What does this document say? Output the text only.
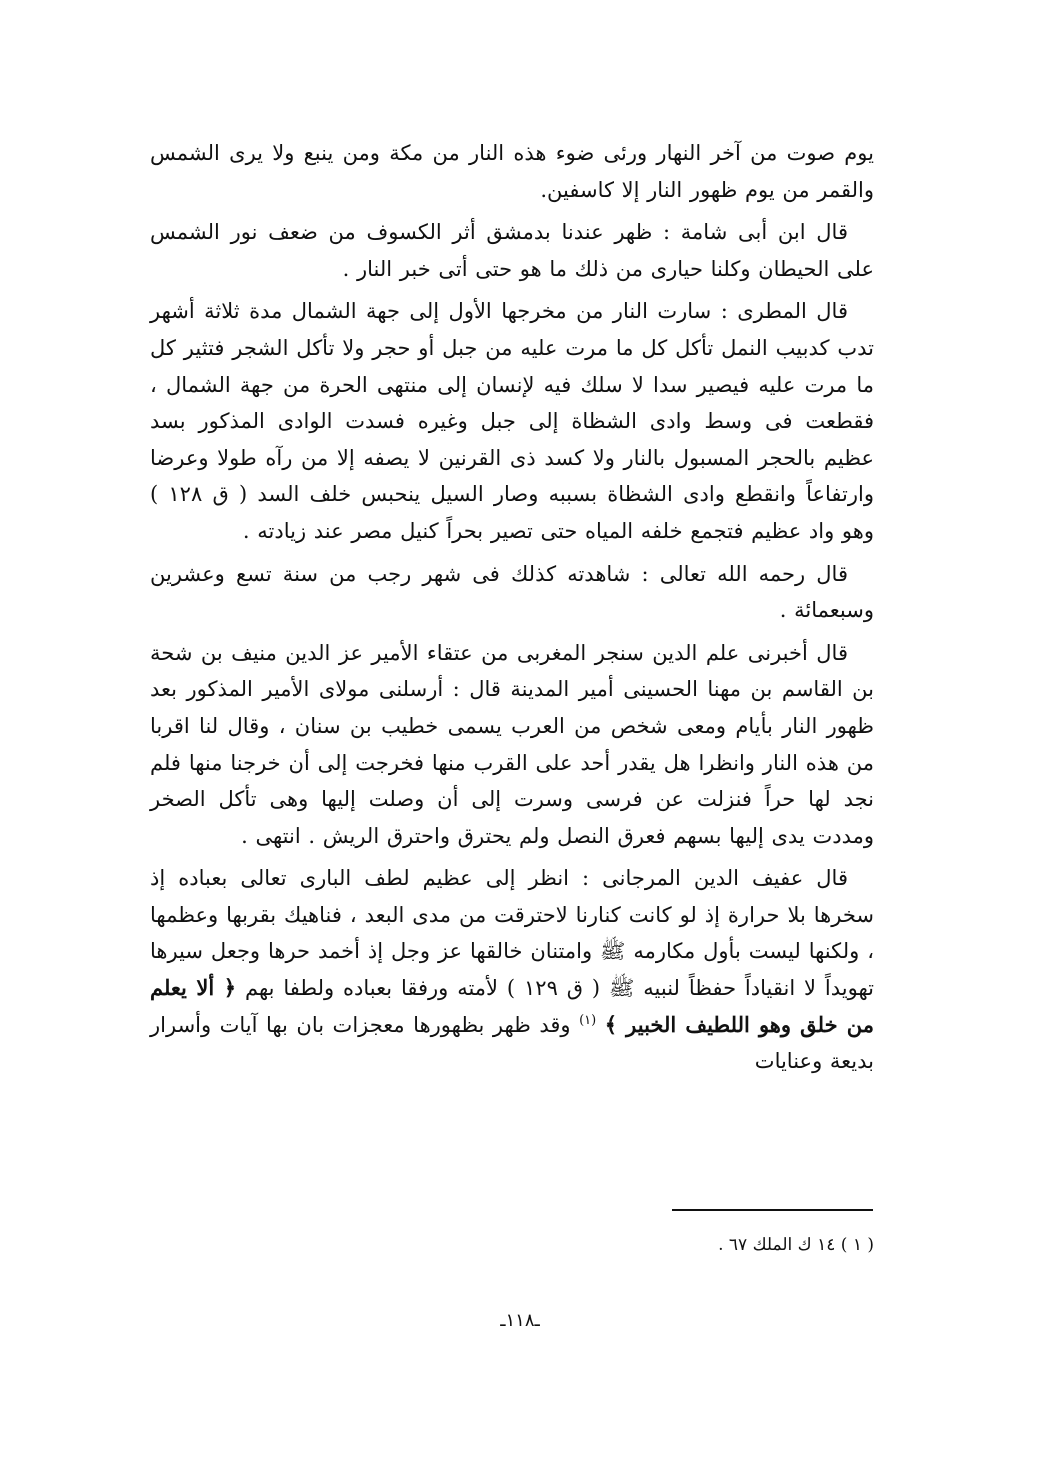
يوم صوت من آخر النهار ورئى ضوء هذه النار من مكة ومن ينبع ولا يرى الشمس والقمر من يوم ظهور النار إلا كاسفين.

قال ابن أبى شامة : ظهر عندنا بدمشق أثر الكسوف من ضعف نور الشمس على الحيطان وكلنا حيارى من ذلك ما هو حتى أتى خبر النار .

قال المطرى : سارت النار من مخرجها الأول إلى جهة الشمال مدة ثلاثة أشهر تدب كدبيب النمل تأكل كل ما مرت عليه من جبل أو حجر ولا تأكل الشجر فتثير كل ما مرت عليه فيصير سدا لا سلك فيه لإنسان إلى منتهى الحرة من جهة الشمال ، فقطعت فى وسط وادى الشظاة إلى جبل وغيره فسدت الوادى المذكور بسد عظيم بالحجر المسبول بالنار ولا كسد ذى القرنين لا يصفه إلا من رآه طولا وعرضا وارتفاعاً وانقطع وادى الشظاة بسببه وصار السيل ينحبس خلف السد ( ق ١٢٨ ) وهو واد عظيم فتجمع خلفه المياه حتى تصير بحراً كنيل مصر عند زيادته .

قال رحمه الله تعالى : شاهدته كذلك فى شهر رجب من سنة تسع وعشرين وسبعمائة .

قال أخبرنى علم الدين سنجر المغربى من عتقاء الأمير عز الدين منيف بن شحة بن القاسم بن مهنا الحسينى أمير المدينة قال : أرسلنى مولاى الأمير المذكور بعد ظهور النار بأيام ومعى شخص من العرب يسمى خطيب بن سنان ، وقال لنا اقربا من هذه النار وانظرا هل يقدر أحد على القرب منها فخرجت إلى أن خرجنا منها فلم نجد لها حراً فنزلت عن فرسى وسرت إلى أن وصلت إليها وهى تأكل الصخر ومددت يدى إليها بسهم فعرق النصل ولم يحترق واحترق الريش . انتهى .

قال عفيف الدين المرجانى : انظر إلى عظيم لطف البارى تعالى بعباده إذ سخرها بلا حرارة إذ لو كانت كنارنا لاحترقت من مدى البعد ، فناهيك بقربها وعظمها ، ولكنها ليست بأول مكارمه ﷺ وامتنان خالقها عز وجل إذ أخمد حرها وجعل سيرها تهويداً لا انقياداً حفظاً لنبيه ﷺ ( ق ١٢٩ ) لأمته ورفقا بعباده ولطفا بهم ﴿ ألا يعلم من خلق وهو اللطيف الخبير ﴾ $^{(١)}$ وقد ظهر بظهورها معجزات بان بها آيات وأسرار بديعة وعنايات

( ١ ) ١٤ ك الملك ٦٧ .
ـ١١٨ـ
